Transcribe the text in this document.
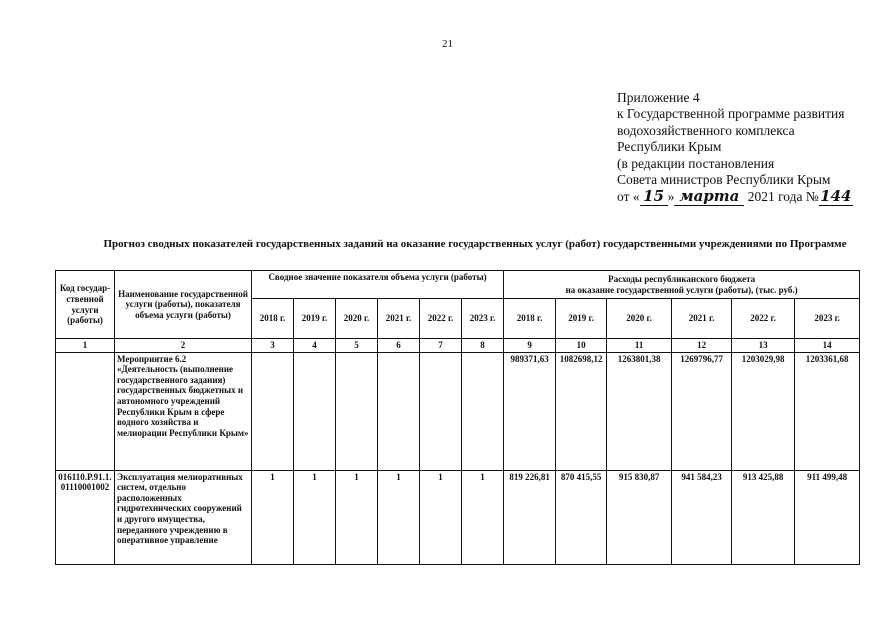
21
Приложение 4
к Государственной программе развития
водохозяйственного комплекса
Республики Крым
(в редакции постановления
Совета министров Республики Крым
от « 15 » марта 2021 года №144
Прогноз сводных показателей государственных заданий на оказание государственных услуг (работ) государственными учреждениями по Программе
Код государ-ственной услуги (работы)	Наименование государственной услуги (работы), показателя объема услуги (работы)	Сводное значение показателя объема услуги (работы)						Расходы республиканского бюджета
на оказание государственной услуги (работы), (тыс. руб.)					

		2018 г.	2019 г.	2020 г.	2021 г.	2022 г.	2023 г.	2018 г.	2019 г.	2020 г.	2021 г.	2022 г.	2023 г.
1	2	3	4	5	6	7	8	9	10	11	12	13	14
	Мероприятие 6.2 «Деятельность (выполнение государственного задания) государственных бюджетных и автономного учреждений Республики Крым в сфере водного хозяйства и мелиорации Республики Крым»							989371,63	1082698,12	1263801,38	1269796,77	1203029,98	1203361,68
016110.Р.91.1.01110001002	Эксплуатация мелиоративных систем, отдельно расположенных гидротехнических сооружений и другого имущества, переданного учреждению в оперативное управление	1	1	1	1	1	1	819 226,81	870 415,55	915 830,87	941 584,23	913 425,88	911 499,48
